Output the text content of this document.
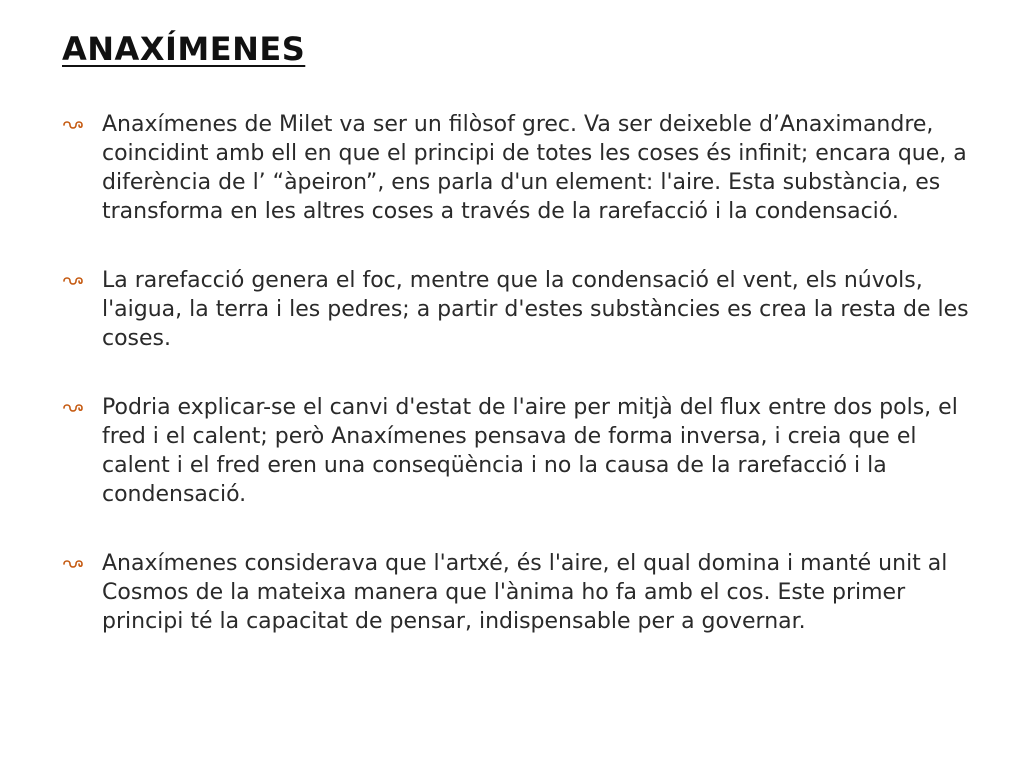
ANAXÍMENES

Anaxímenes de Milet va ser un filòsof grec. Va ser deixeble d’Anaximandre, coincidint amb ell en que el principi de totes les coses és infinit; encara que, a diferència de l’ “àpeiron”, ens parla d'un element: l'aire. Esta substància, es transforma en les altres coses a través de la rarefacció i la condensació.

La rarefacció genera el foc, mentre que la condensació el vent, els núvols, l'aigua, la terra i les pedres; a partir d'estes substàncies es crea la resta de les coses.

Podria explicar-se el canvi d'estat de l'aire per mitjà del flux entre dos pols, el fred i el calent; però Anaxímenes pensava de forma inversa, i creia que el calent i el fred eren una conseqüència i no la causa de la rarefacció i la condensació.

Anaxímenes considerava que l'artxé, és l'aire, el qual domina i manté unit al Cosmos de la mateixa manera que l'ànima ho fa amb el cos. Este primer principi té la capacitat de pensar, indispensable per a governar.
